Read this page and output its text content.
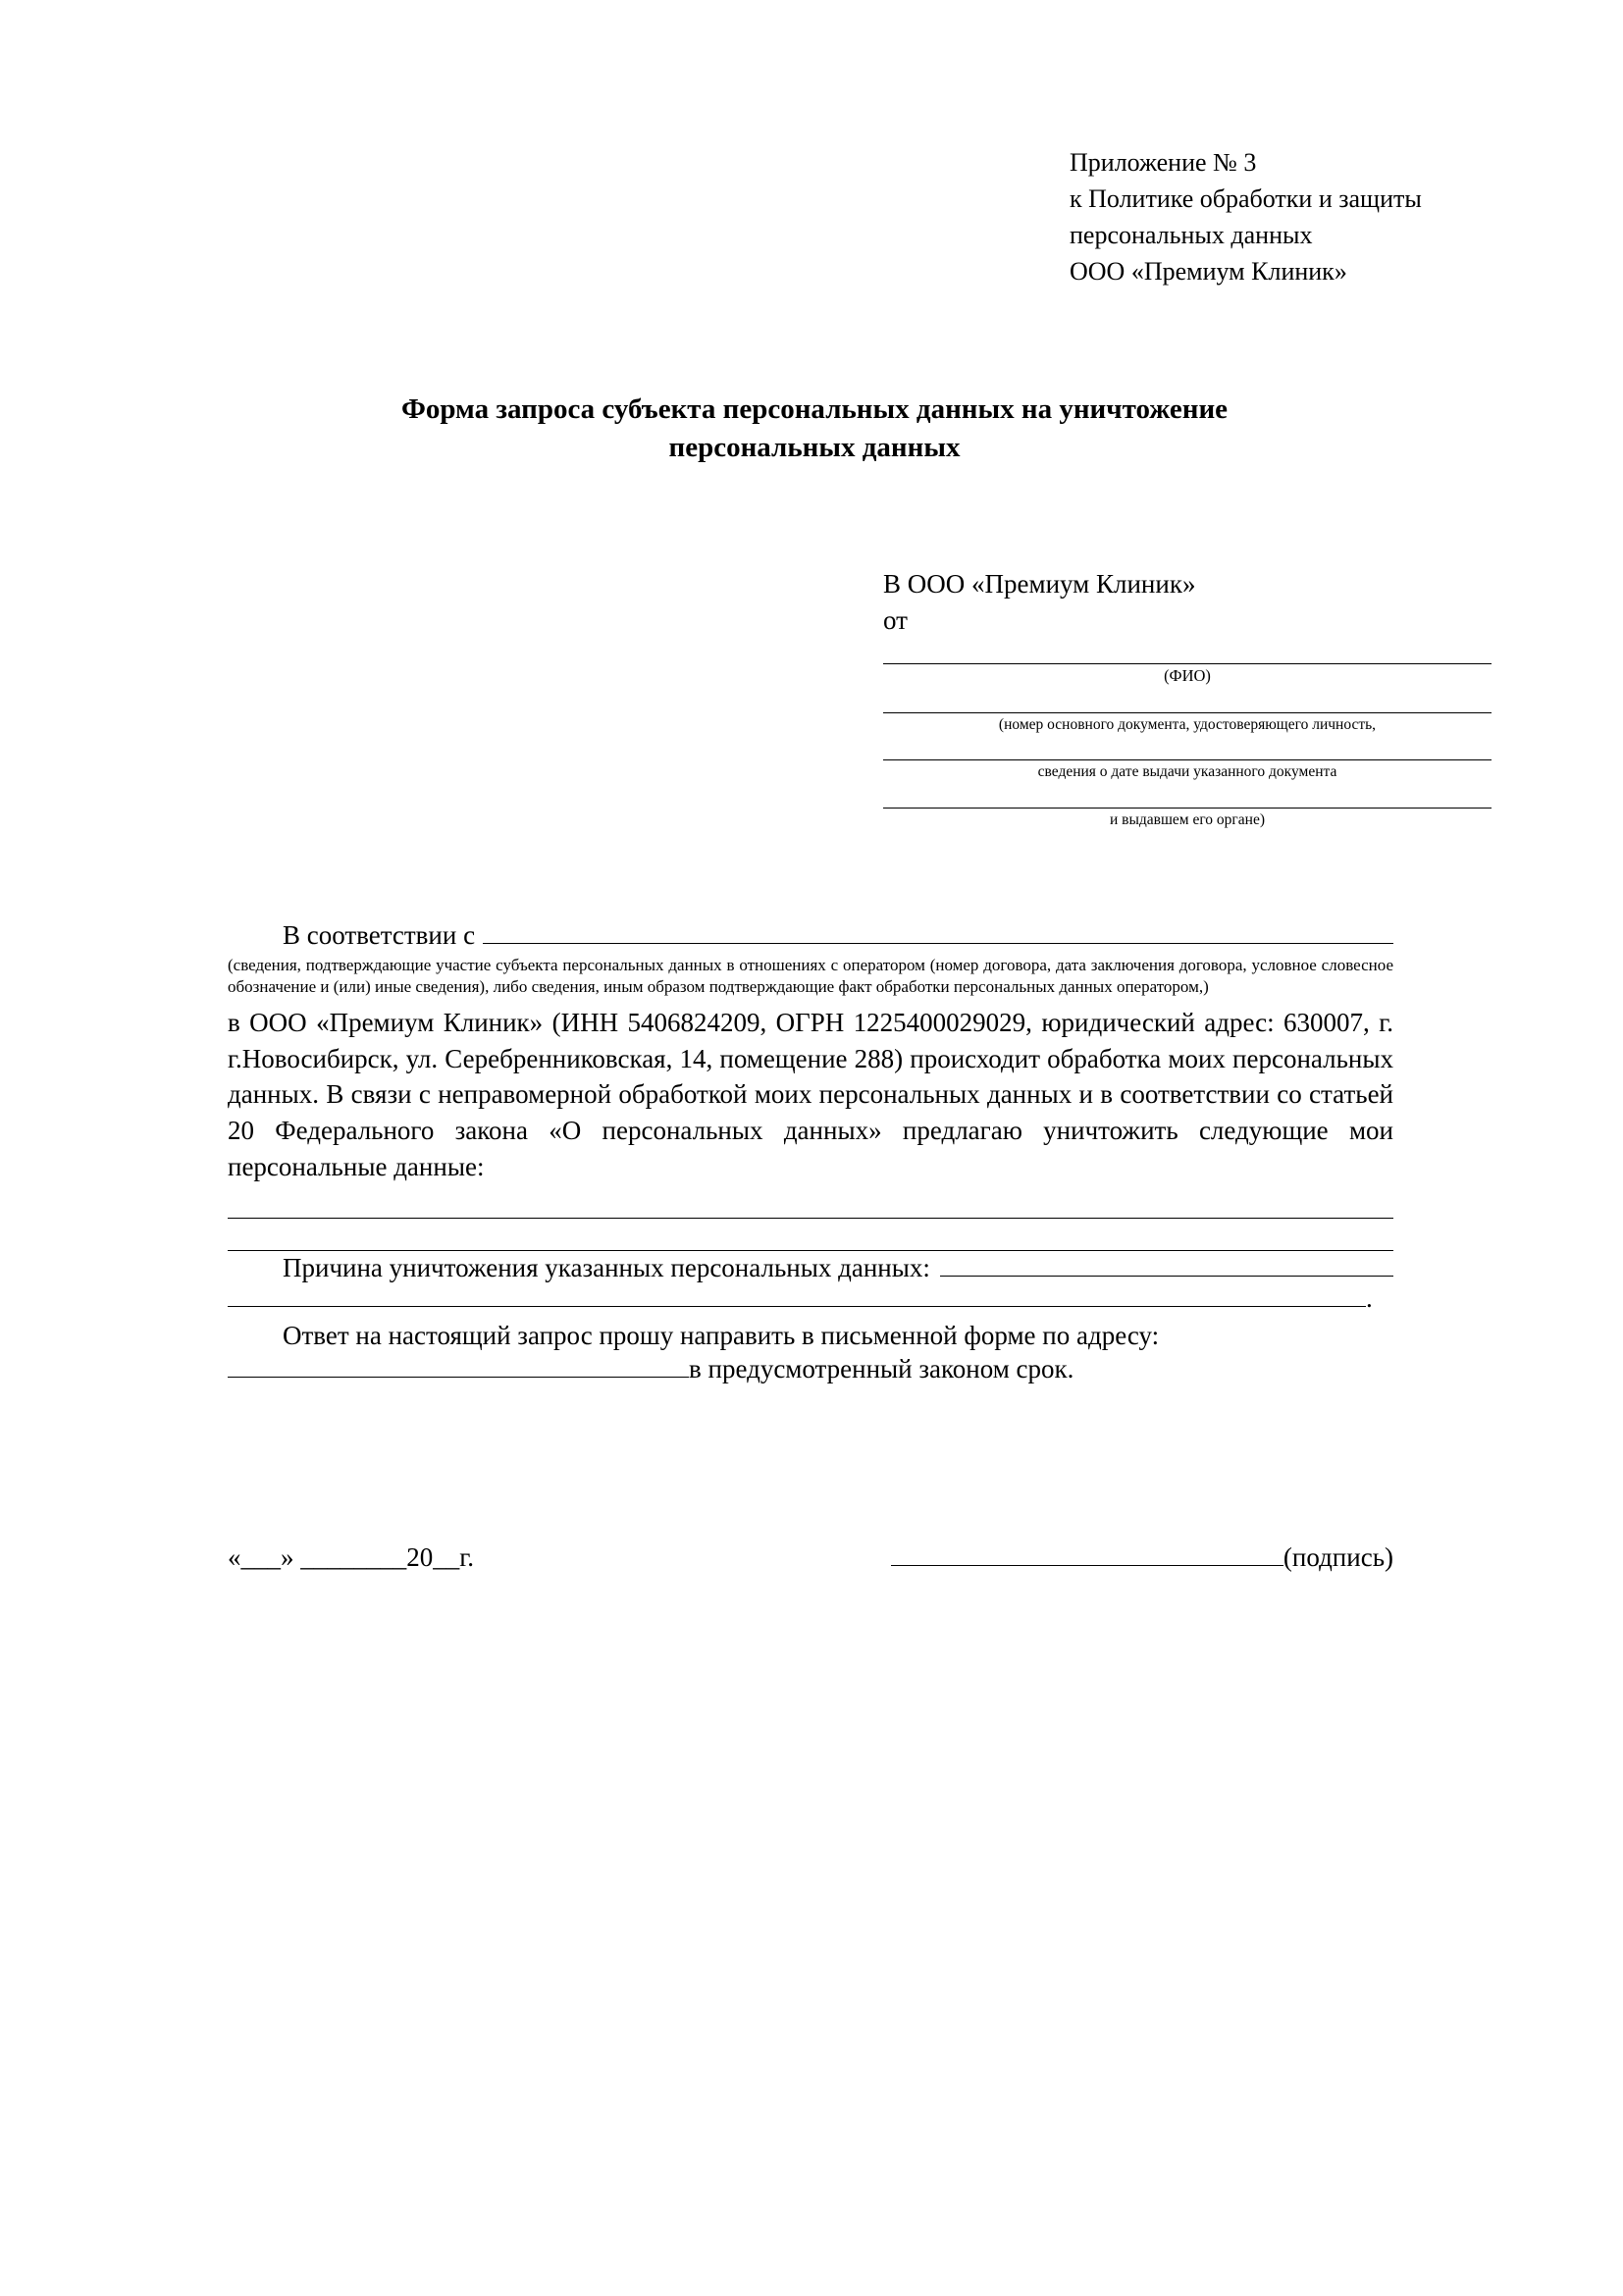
Приложение № 3
к Политике обработки и защиты
персональных данных
ООО «Премиум Клиник»
Форма запроса субъекта персональных данных на уничтожение
персональных данных
В ООО «Премиум Клиник»
от
(ФИО)
(номер основного документа, удостоверяющего личность,
сведения о дате выдачи указанного документа
и выдавшем его органе)
В соответствии с
(сведения, подтверждающие участие субъекта персональных данных в отношениях с оператором (номер договора, дата заключения договора, условное словесное обозначение и (или) иные сведения), либо сведения, иным образом подтверждающие факт обработки персональных данных оператором,)
в ООО «Премиум Клиник» (ИНН 5406824209, ОГРН 1225400029029, юридический адрес: 630007, г. г.Новосибирск, ул. Серебренниковская, 14, помещение 288) происходит обработка моих персональных данных. В связи с неправомерной обработкой моих персональных данных и в соответствии со статьей 20 Федерального закона «О персональных данных» предлагаю уничтожить следующие мои персональные данные:
Причина уничтожения указанных персональных данных:
.
Ответ на настоящий запрос прошу направить в письменной форме по адресу:
в предусмотренный законом срок.
«___» ________20__г.	(подпись)
